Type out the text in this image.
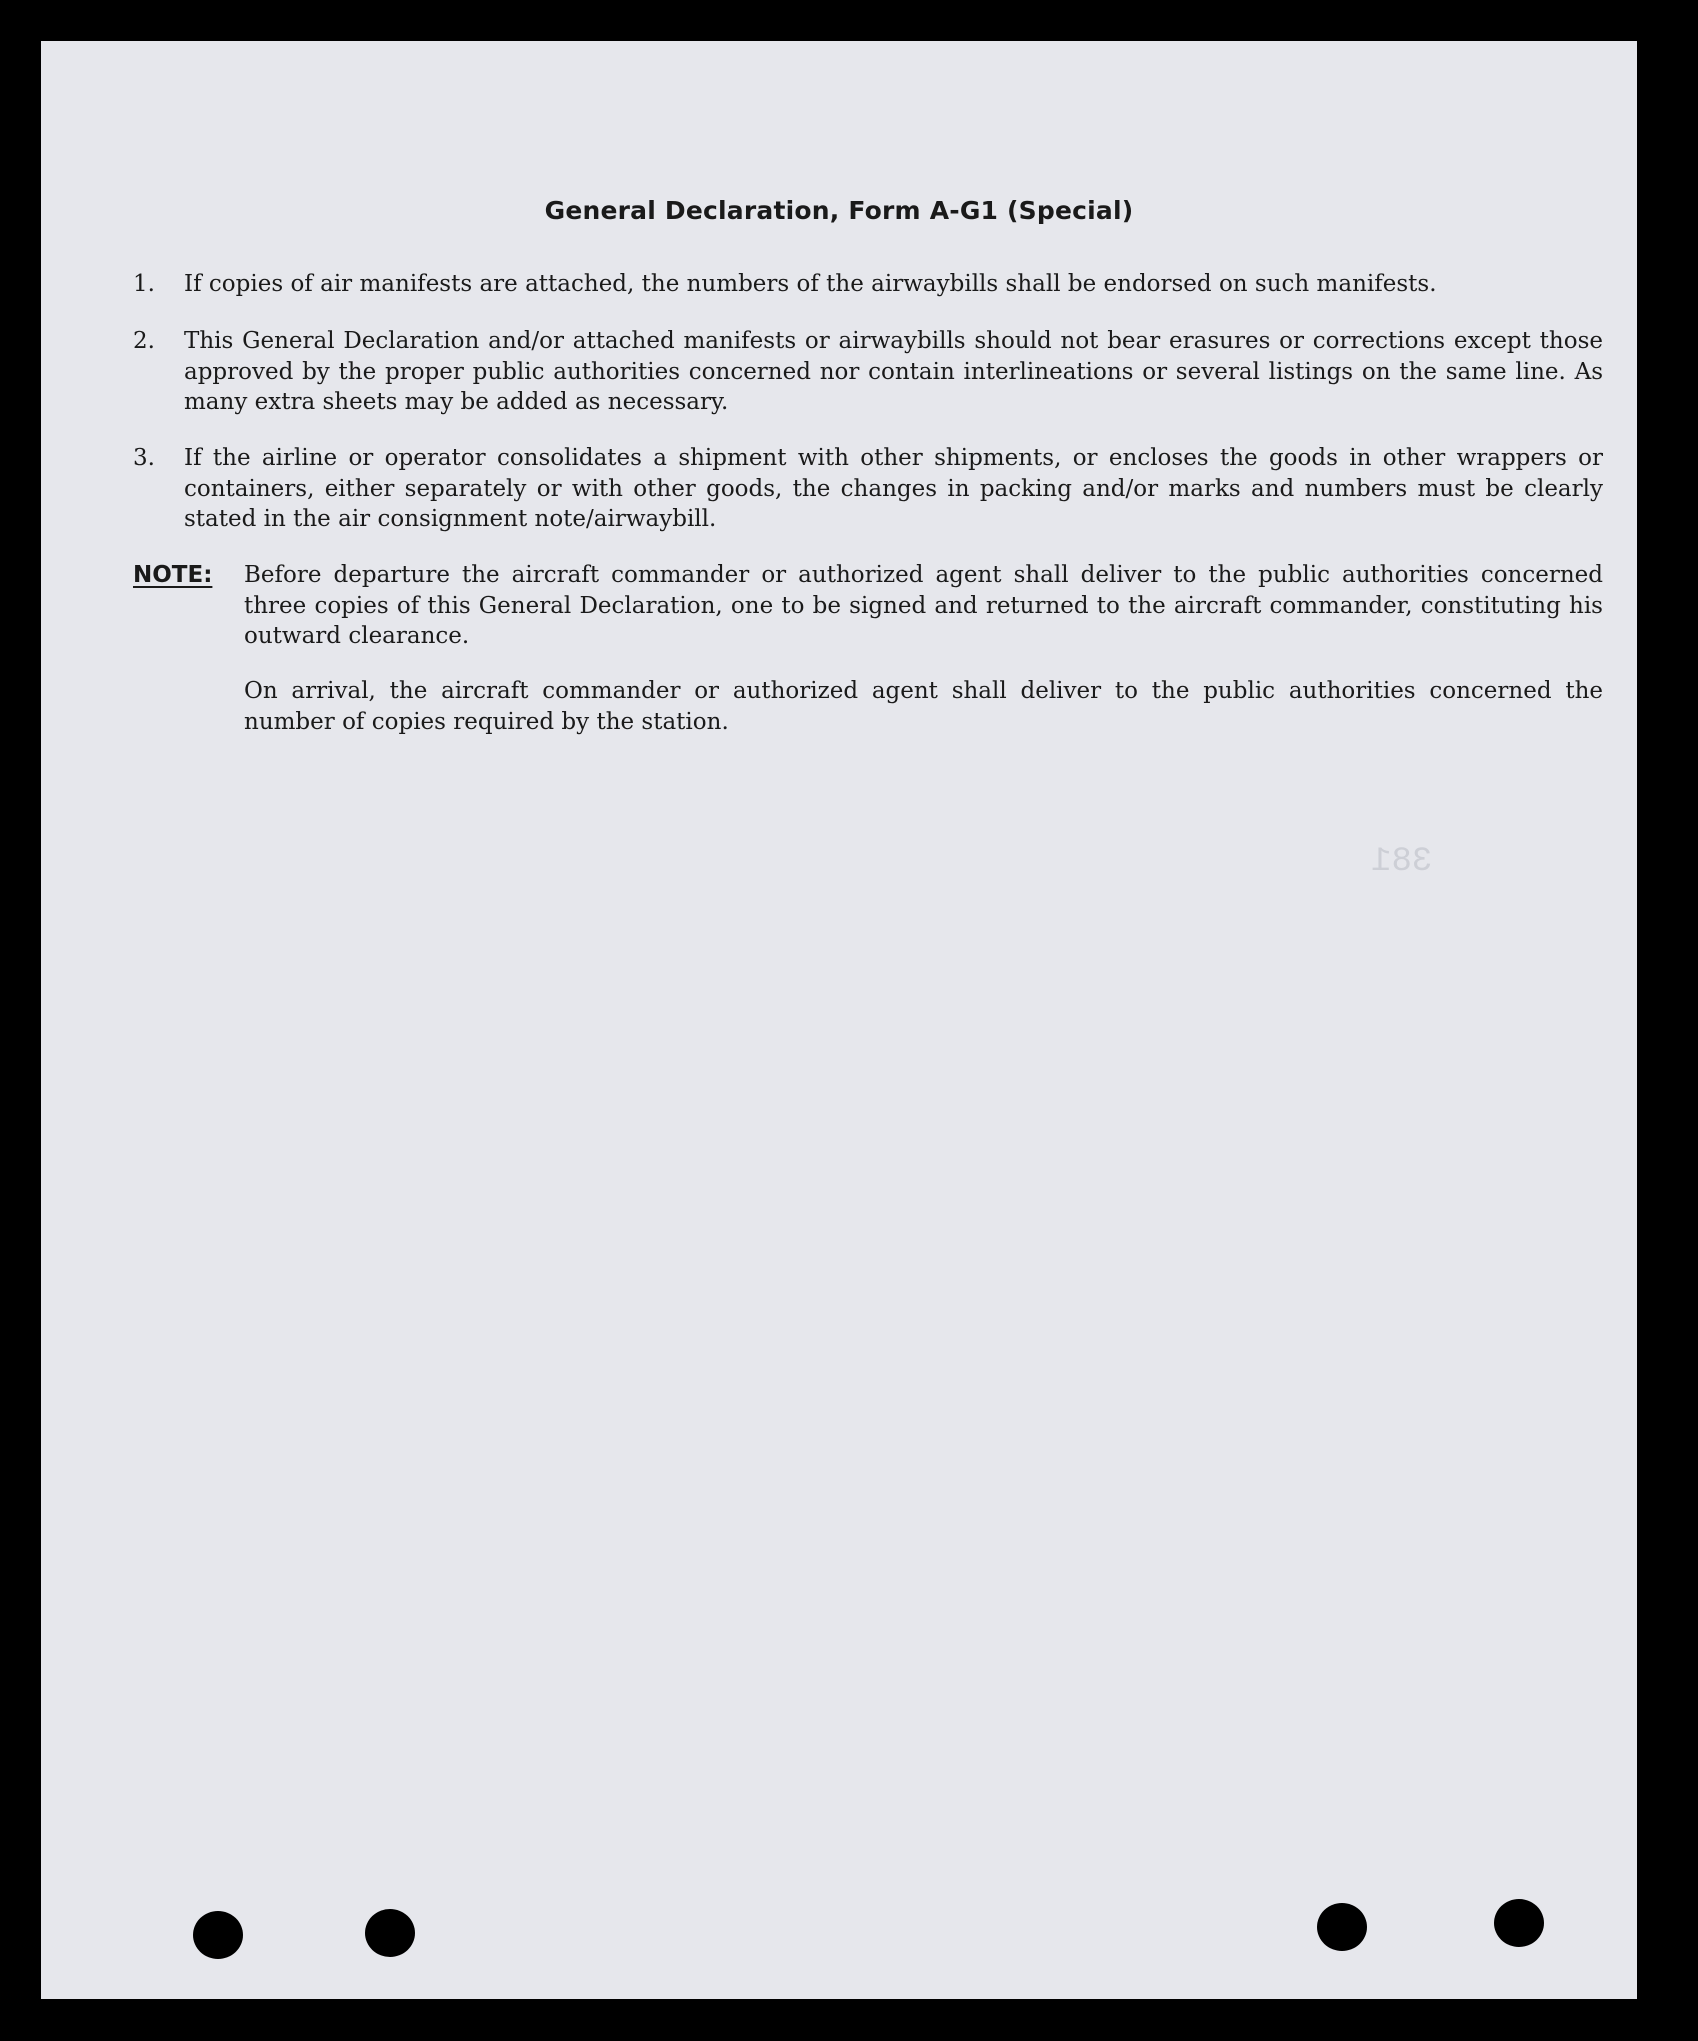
381
General Declaration, Form A-G1 (Special)
1. If copies of air manifests are attached, the numbers of the airwaybills shall be endorsed on such manifests.
2. This General Declaration and/or attached manifests or airwaybills should not bear erasures or corrections except those approved by the proper public authorities concerned nor contain interlineations or several listings on the same line. As many extra sheets may be added as necessary.
3. If the airline or operator consolidates a shipment with other shipments, or encloses the goods in other wrappers or containers, either separately or with other goods, the changes in packing and/or marks and numbers must be clearly stated in the air consignment note/airwaybill.
NOTE: Before departure the aircraft commander or authorized agent shall deliver to the public authorities concerned three copies of this General Declaration, one to be signed and returned to the aircraft commander, constituting his outward clearance.
On arrival, the aircraft commander or authorized agent shall deliver to the public authorities concerned the number of copies required by the station.
